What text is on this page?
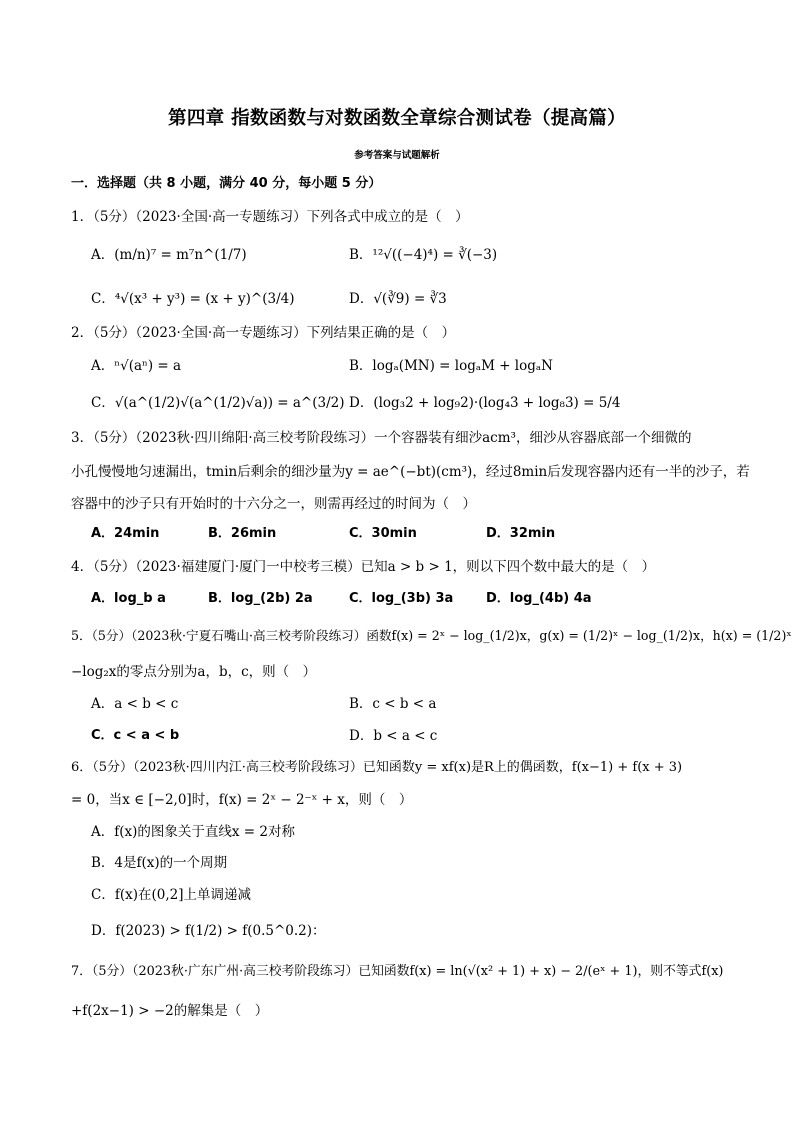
第四章 指数函数与对数函数全章综合测试卷（提高篇）
参考答案与试题解析
一．选择题（共 8 小题，满分 40 分，每小题 5 分）
1．（5分）（2023·全国·高一专题练习）下列各式中成立的是（　）
A．(m/n)⁷ = m⁷n^(1/7)	B．¹²√((−4)⁴) = ∛(−3)
C．⁴√(x³ + y³) = (x + y)^(3/4)	D．√(∛9) = ∛3
2．（5分）（2023·全国·高一专题练习）下列结果正确的是（　）
A．ⁿ√(aⁿ) = a	B．logₐ(MN) = logₐM + logₐN
C．√(a^(1/2)√(a^(1/2)√a)) = a^(3/2) D．(log₃2 + log₉2)·(log₄3 + log₈3) = 5/4
3．（5分）（2023秋·四川绵阳·高三校考阶段练习）一个容器装有细沙acm³，细沙从容器底部一个细微的
小孔慢慢地匀速漏出，tmin后剩余的细沙量为y = ae^(−bt)(cm³)，经过8min后发现容器内还有一半的沙子，若
容器中的沙子只有开始时的十六分之一，则需再经过的时间为（　）
A．24min	B．26min	C．30min	D．32min
4．（5分）（2023·福建厦门·厦门一中校考三模）已知a > b > 1，则以下四个数中最大的是（　）
A．log_b a	B．log_(2b) 2a	C．log_(3b) 3a	D．log_(4b) 4a
5．（5分）（2023秋·宁夏石嘴山·高三校考阶段练习）函数f(x) = 2ˣ − log_(1/2)x，g(x) = (1/2)ˣ − log_(1/2)x，h(x) = (1/2)ˣ
−log₂x的零点分别为a，b，c，则（　）
A．a < b < c	B．c < b < a
C．c < a < b	D．b < a < c
6．（5分）（2023秋·四川内江·高三校考阶段练习）已知函数y = xf(x)是R上的偶函数，f(x−1) + f(x + 3)
= 0，当x ∈ [−2,0]时，f(x) = 2ˣ − 2⁻ˣ + x，则（　）
A．f(x)的图象关于直线x = 2对称
B．4是f(x)的一个周期
C．f(x)在(0,2]上单调递减
D．f(2023) > f(1/2) > f(0.5^0.2)：
7．（5分）（2023秋·广东广州·高三校考阶段练习）已知函数f(x) = ln(√(x² + 1) + x) − 2/(eˣ + 1)，则不等式f(x)
+f(2x−1) > −2的解集是（　）
